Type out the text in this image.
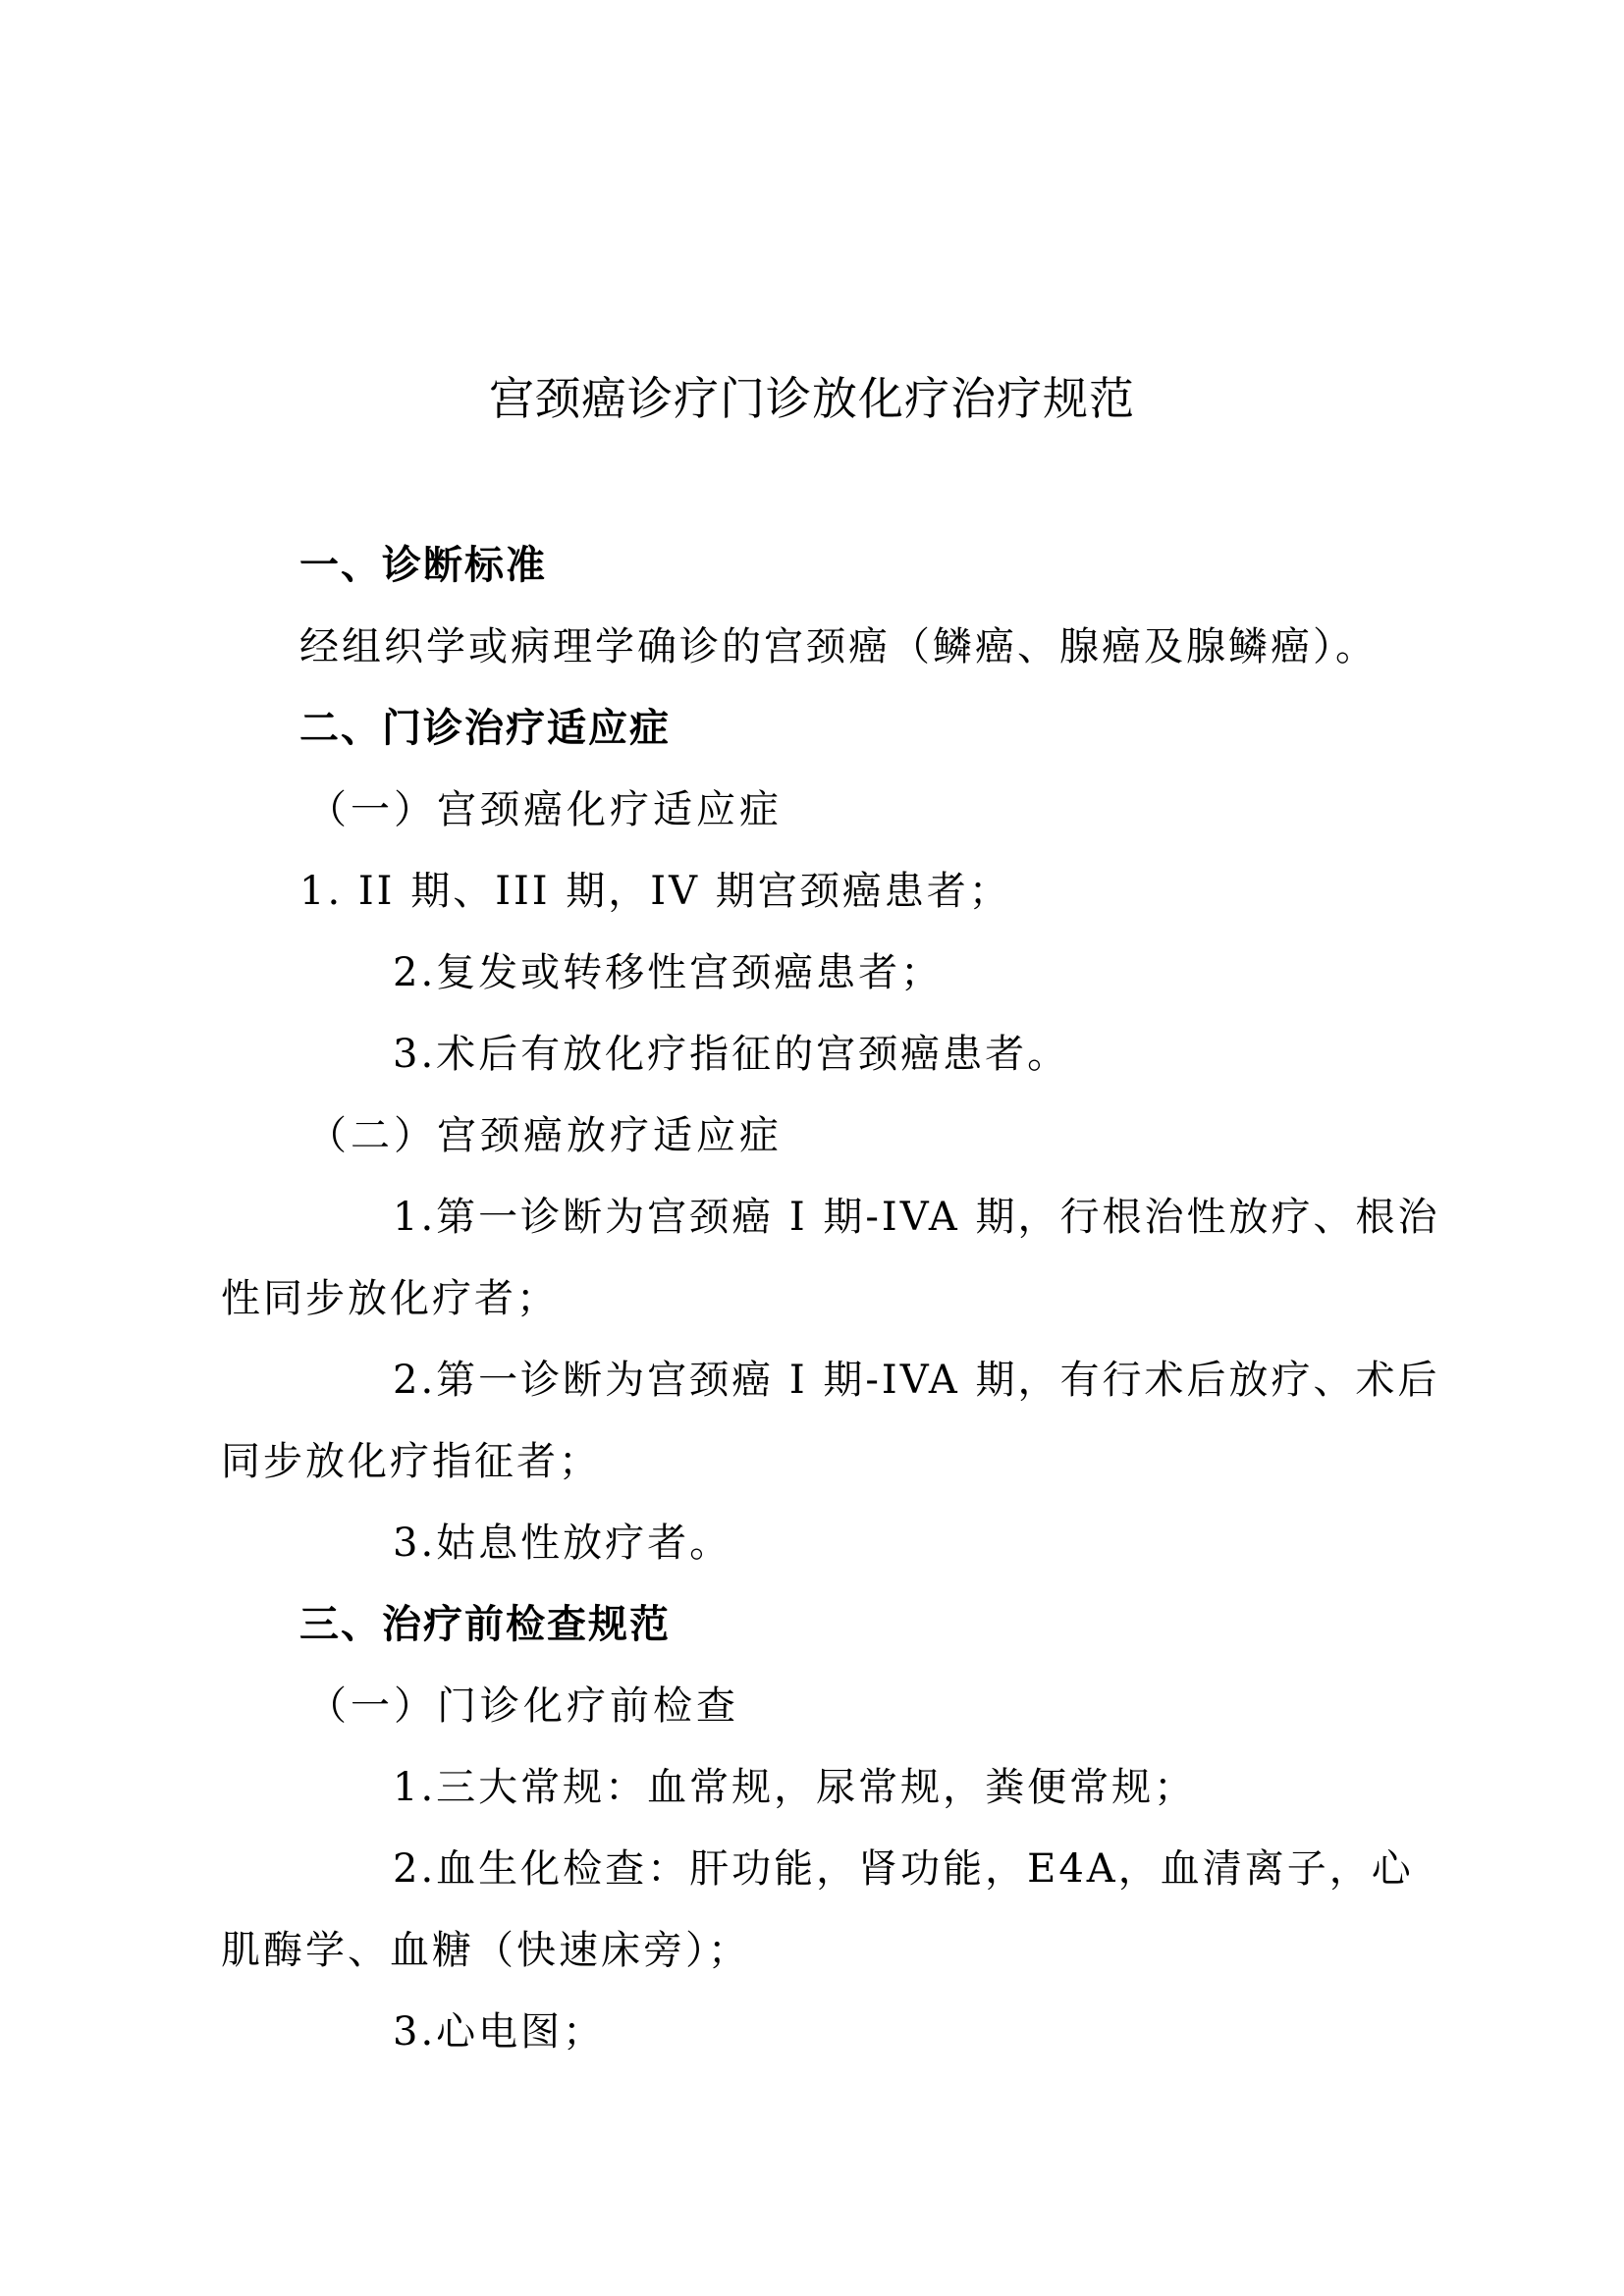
宫颈癌诊疗门诊放化疗治疗规范
一、诊断标准
经组织学或病理学确诊的宫颈癌（鳞癌、腺癌及腺鳞癌）。
二、门诊治疗适应症
（一）宫颈癌化疗适应症
1. II 期、III 期，IV 期宫颈癌患者；
2.复发或转移性宫颈癌患者；
3.术后有放化疗指征的宫颈癌患者。
（二）宫颈癌放疗适应症
1.第一诊断为宫颈癌 I 期-IVA 期，行根治性放疗、根治
性同步放化疗者；
2.第一诊断为宫颈癌 I 期-IVA 期，有行术后放疗、术后
同步放化疗指征者；
3.姑息性放疗者。
三、治疗前检查规范
（一）门诊化疗前检查
1.三大常规：血常规，尿常规，粪便常规；
2.血生化检查：肝功能，肾功能，E4A，血清离子，心
肌酶学、血糖（快速床旁）；
3.心电图；
